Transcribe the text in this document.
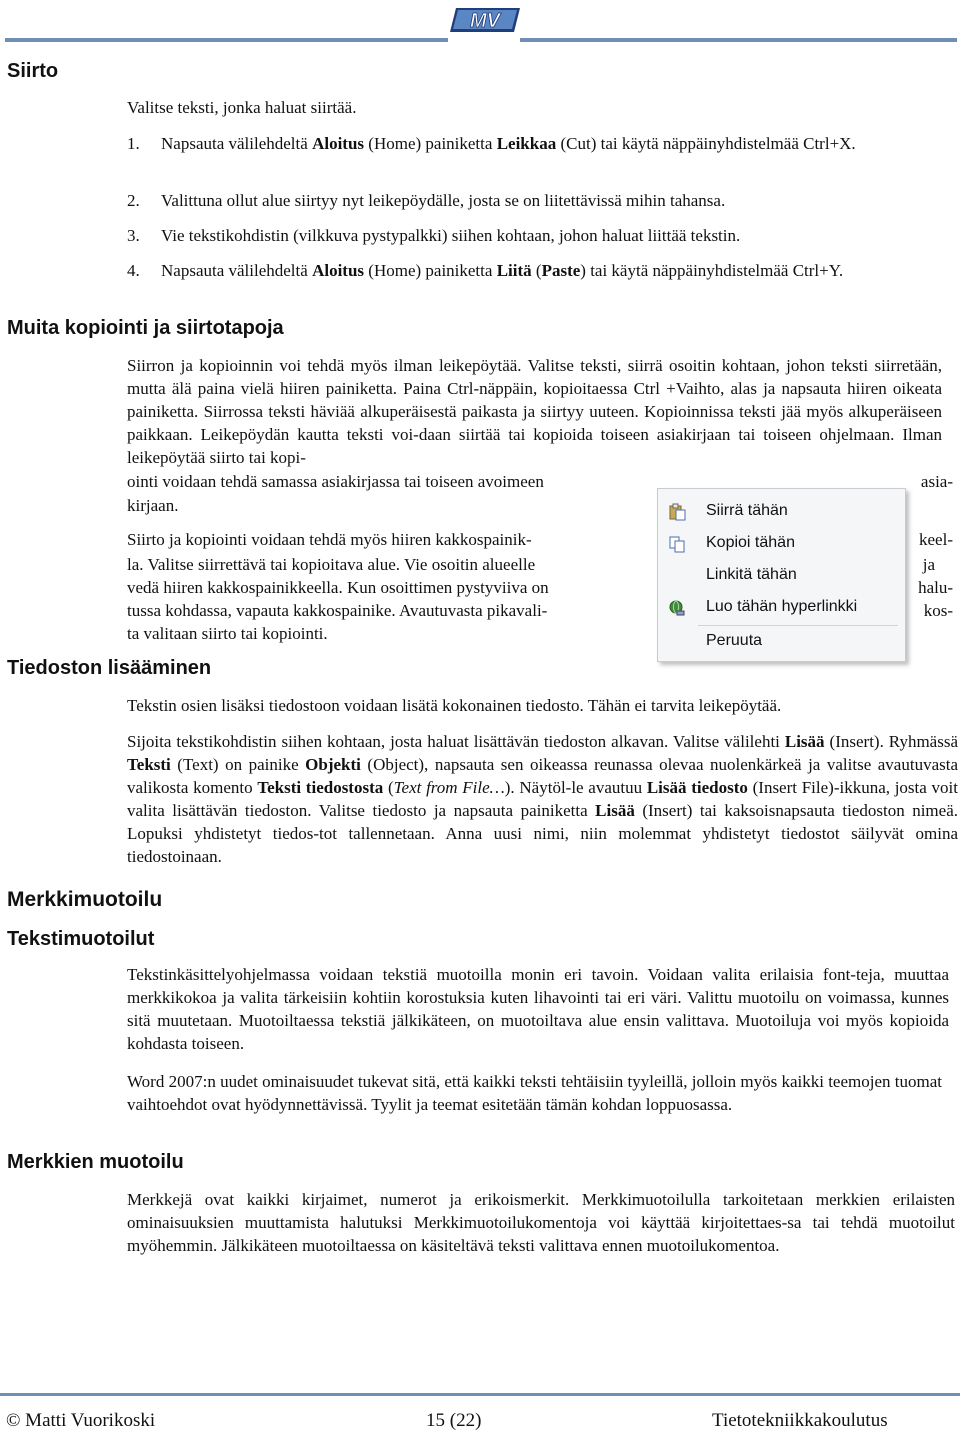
MV
Siirto

Valitse teksti, jonka haluat siirtää.

1. Napsauta välilehdeltä Aloitus (Home) painiketta Leikkaa (Cut) tai käytä näppäinyhdistelmää Ctrl+X.
2. Valittuna ollut alue siirtyy nyt leikepöydälle, josta se on liitettävissä mihin tahansa.
3. Vie tekstikohdistin (vilkkuva pystypalkki) siihen kohtaan, johon haluat liittää tekstin.
4. Napsauta välilehdeltä Aloitus (Home) painiketta Liitä (Paste) tai käytä näppäinyhdistelmää Ctrl+Y.
Muita kopiointi ja siirtotapoja

Siirron ja kopioinnin voi tehdä myös ilman leikepöytää. Valitse teksti, siirrä osoitin kohtaan, johon teksti siirretään, mutta älä paina vielä hiiren painiketta. Paina Ctrl-näppäin, kopioitaessa Ctrl +Vaihto, alas ja napsauta hiiren oikeata painiketta. Siirrossa teksti häviää alkuperäisestä paikasta ja siirtyy uuteen. Kopioinnissa teksti jää myös alkuperäiseen paikkaan. Leikepöydän kautta teksti voi-daan siirtää tai kopioida toiseen asiakirjaan tai toiseen ohjelmaan. Ilman leikepöytää siirto tai kopi-

ointi voidaan tehdä samassa asiakirjassa tai toiseen avoimeen	asia-

kirjaan.

Siirto ja kopiointi voidaan tehdä myös hiiren kakkospainik-	keel-
la. Valitse siirrettävä tai kopioitava alue. Vie osoitin alueelle	ja
vedä hiiren kakkospainikkeella. Kun osoittimen pystyviiva on	halu-
tussa kohdassa, vapauta kakkospainike. Avautuvasta pikavali-	kos-

ta valitaan siirto tai kopiointi.

Siirrä tähän
Kopioi tähän
Linkitä tähän
Luo tähän hyperlinkki
Peruuta
Tiedoston lisääminen

Tekstin osien lisäksi tiedostoon voidaan lisätä kokonainen tiedosto. Tähän ei tarvita leikepöytää.

Sijoita tekstikohdistin siihen kohtaan, josta haluat lisättävän tiedoston alkavan. Valitse välilehti Lisää (Insert). Ryhmässä Teksti (Text) on painike Objekti (Object), napsauta sen oikeassa reunassa olevaa nuolenkärkeä ja valitse avautuvasta valikosta komento Teksti tiedostosta (Text from File…). Näytöl-le avautuu Lisää tiedosto (Insert File)-ikkuna, josta voit valita lisättävän tiedoston. Valitse tiedosto ja napsauta painiketta Lisää (Insert) tai kaksoisnapsauta tiedoston nimeä. Lopuksi yhdistetyt tiedos-tot tallennetaan. Anna uusi nimi, niin molemmat yhdistetyt tiedostot säilyvät omina tiedostoinaan.

Merkkimuotoilu
Tekstimuotoilut

Tekstinkäsittelyohjelmassa voidaan tekstiä muotoilla monin eri tavoin. Voidaan valita erilaisia font-teja, muuttaa merkkikokoa ja valita tärkeisiin kohtiin korostuksia kuten lihavointi tai eri väri. Valittu muotoilu on voimassa, kunnes sitä muutetaan. Muotoiltaessa tekstiä jälkikäteen, on muotoiltava alue ensin valittava. Muotoiluja voi myös kopioida kohdasta toiseen.

Word 2007:n uudet ominaisuudet tukevat sitä, että kaikki teksti tehtäisiin tyyleillä, jolloin myös kaikki teemojen tuomat vaihtoehdot ovat hyödynnettävissä. Tyylit ja teemat esitetään tämän kohdan loppuosassa.

Merkkien muotoilu

Merkkejä ovat kaikki kirjaimet, numerot ja erikoismerkit. Merkkimuotoilulla tarkoitetaan merkkien erilaisten ominaisuuksien muuttamista halutuksi Merkkimuotoilukomentoja voi käyttää kirjoitettaes-sa tai tehdä muotoilut myöhemmin. Jälkikäteen muotoiltaessa on käsiteltävä teksti valittava ennen muotoilukomentoa.

© Matti Vuorikoski	15 (22)	Tietotekniikkakoulutus
